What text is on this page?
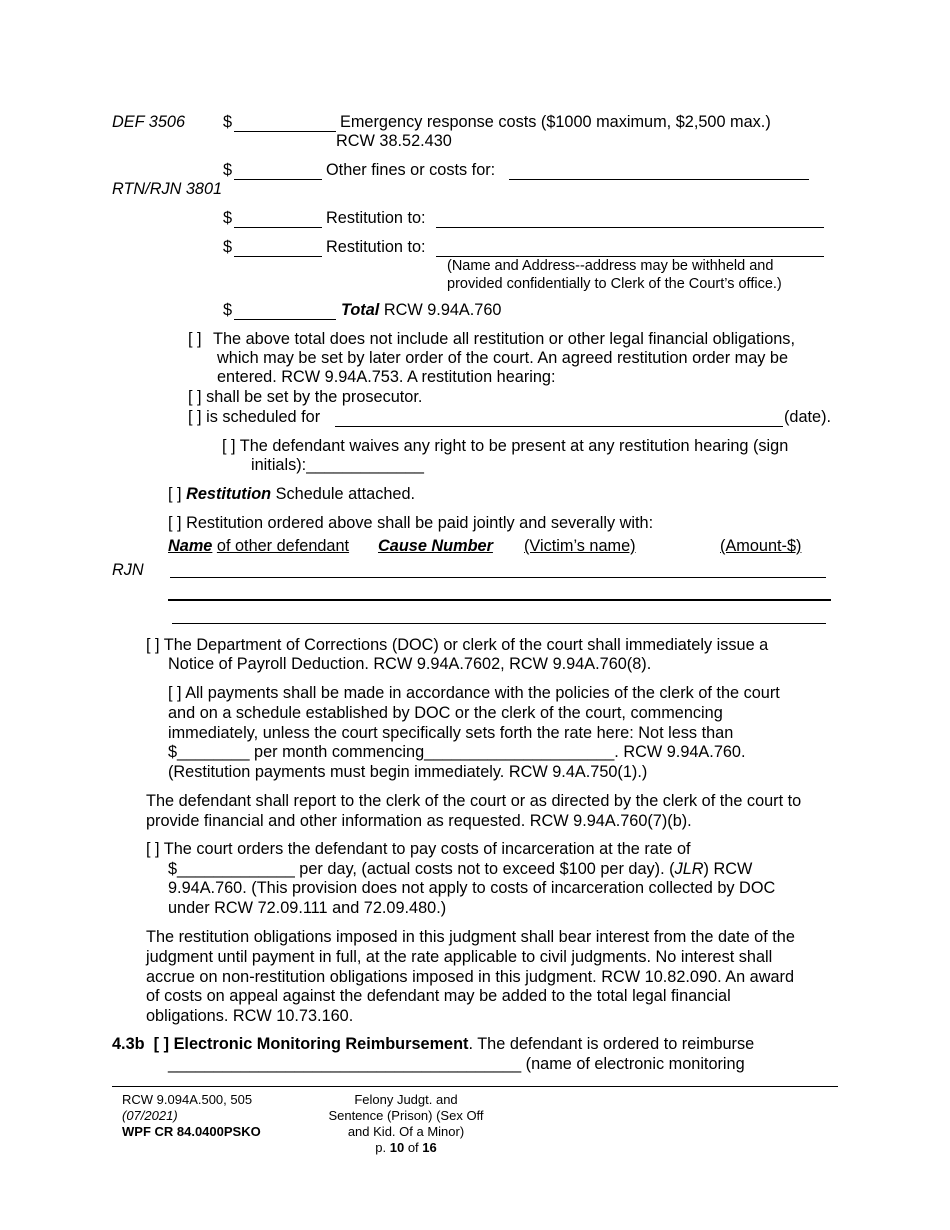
DEF 3506 $	Emergency response costs ($1000 maximum, $2,500 max.)
RCW 38.52.430
$	Other fines or costs for:
RTN/RJN 3801
$	Restitution to:
$	Restitution to:
(Name and Address--address may be withheld and
provided confidentially to Clerk of the Court’s office.)
$	Total RCW 9.94A.760
[ ] The above total does not include all restitution or other legal financial obligations,
which may be set by later order of the court. An agreed restitution order may be
entered. RCW 9.94A.753. A restitution hearing:
[ ] shall be set by the prosecutor.
[ ] is scheduled for	(date).
[ ] The defendant waives any right to be present at any restitution hearing (sign
initials):_____________
[ ] Restitution Schedule attached.
[ ] Restitution ordered above shall be paid jointly and severally with:
Name of other defendant Cause Number (Victim’s name)	(Amount-$)
RJN
[ ] The Department of Corrections (DOC) or clerk of the court shall immediately issue a
Notice of Payroll Deduction. RCW 9.94A.7602, RCW 9.94A.760(8).
[ ] All payments shall be made in accordance with the policies of the clerk of the court
and on a schedule established by DOC or the clerk of the court, commencing
immediately, unless the court specifically sets forth the rate here: Not less than
$________ per month commencing_____________________. RCW 9.94A.760.
(Restitution payments must begin immediately. RCW 9.4A.750(1).)
The defendant shall report to the clerk of the court or as directed by the clerk of the court to
provide financial and other information as requested. RCW 9.94A.760(7)(b).
[ ] The court orders the defendant to pay costs of incarceration at the rate of
$_____________ per day, (actual costs not to exceed $100 per day). (JLR) RCW
9.94A.760. (This provision does not apply to costs of incarceration collected by DOC
under RCW 72.09.111 and 72.09.480.)
The restitution obligations imposed in this judgment shall bear interest from the date of the
judgment until payment in full, at the rate applicable to civil judgments. No interest shall
accrue on non-restitution obligations imposed in this judgment. RCW 10.82.090. An award
of costs on appeal against the defendant may be added to the total legal financial
obligations. RCW 10.73.160.
4.3b [ ] Electronic Monitoring Reimbursement. The defendant is ordered to reimburse
_______________________________________ (name of electronic monitoring
RCW 9.094A.500, 505
(07/2021)
WPF CR 84.0400PSKO
Felony Judgt. and
Sentence (Prison) (Sex Off
and Kid. Of a Minor)
p. 10 of 16
